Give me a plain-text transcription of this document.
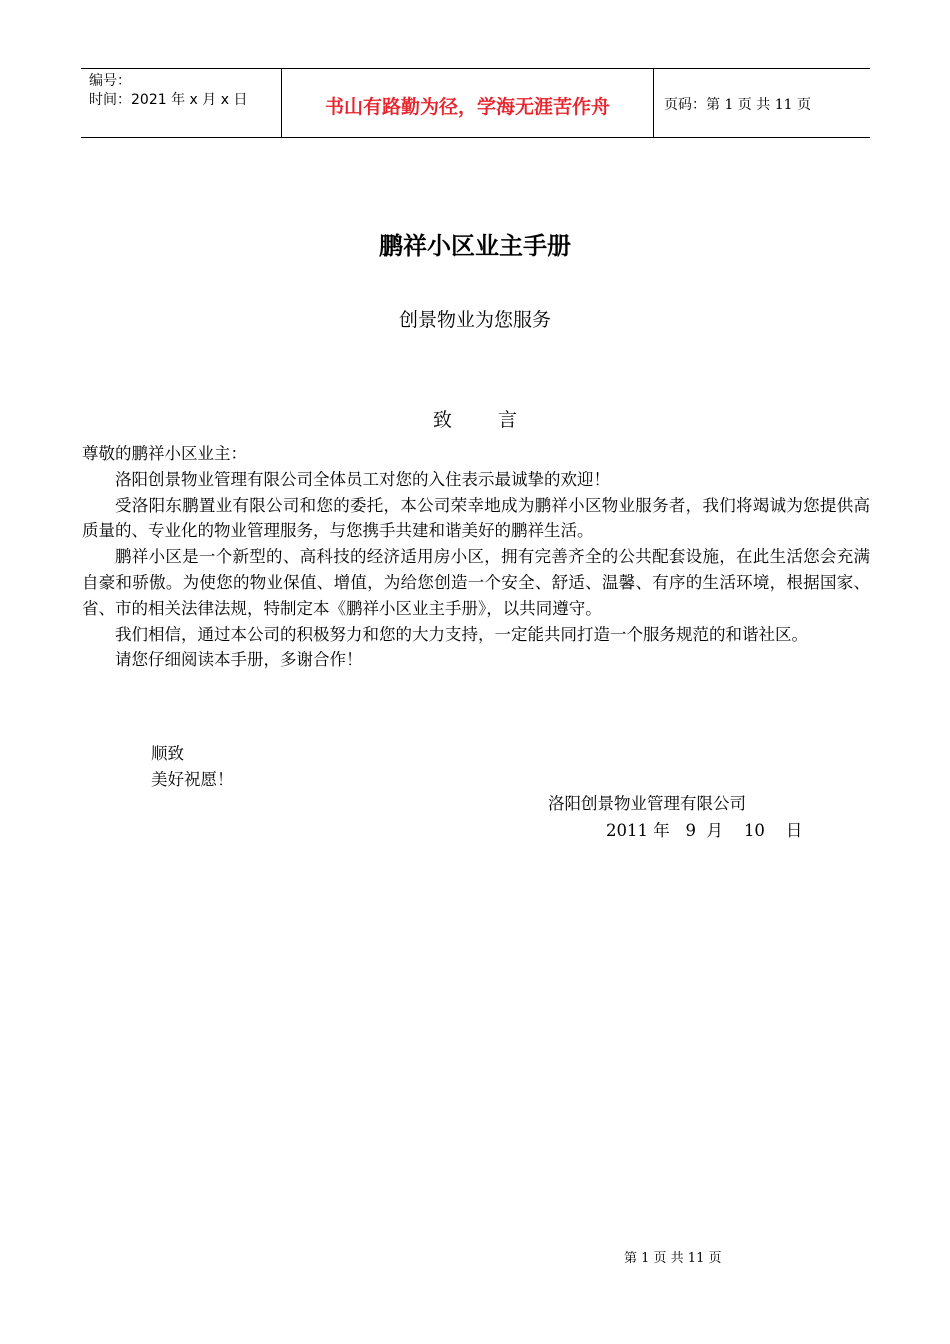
编号：
时间：2021 年 x 月 x 日	书山有路勤为径，学海无涯苦作舟	页码：第 1 页 共 11 页
鹏祥小区业主手册
创景物业为您服务
致言

尊敬的鹏祥小区业主：

洛阳创景物业管理有限公司全体员工对您的入住表示最诚挚的欢迎！

受洛阳东鹏置业有限公司和您的委托，本公司荣幸地成为鹏祥小区物业服务者，我们将竭诚为您提供高质量的、专业化的物业管理服务，与您携手共建和谐美好的鹏祥生活。

鹏祥小区是一个新型的、高科技的经济适用房小区，拥有完善齐全的公共配套设施，在此生活您会充满自豪和骄傲。为使您的物业保值、增值，为给您创造一个安全、舒适、温馨、有序的生活环境，根据国家、省、市的相关法律法规，特制定本《鹏祥小区业主手册》，以共同遵守。

我们相信，通过本公司的积极努力和您的大力支持，一定能共同打造一个服务规范的和谐社区。

请您仔细阅读本手册，多谢合作！

顺致
美好祝愿！
洛阳创景物业管理有限公司
2011 年   9  月    10    日
第 1 页 共 11 页
